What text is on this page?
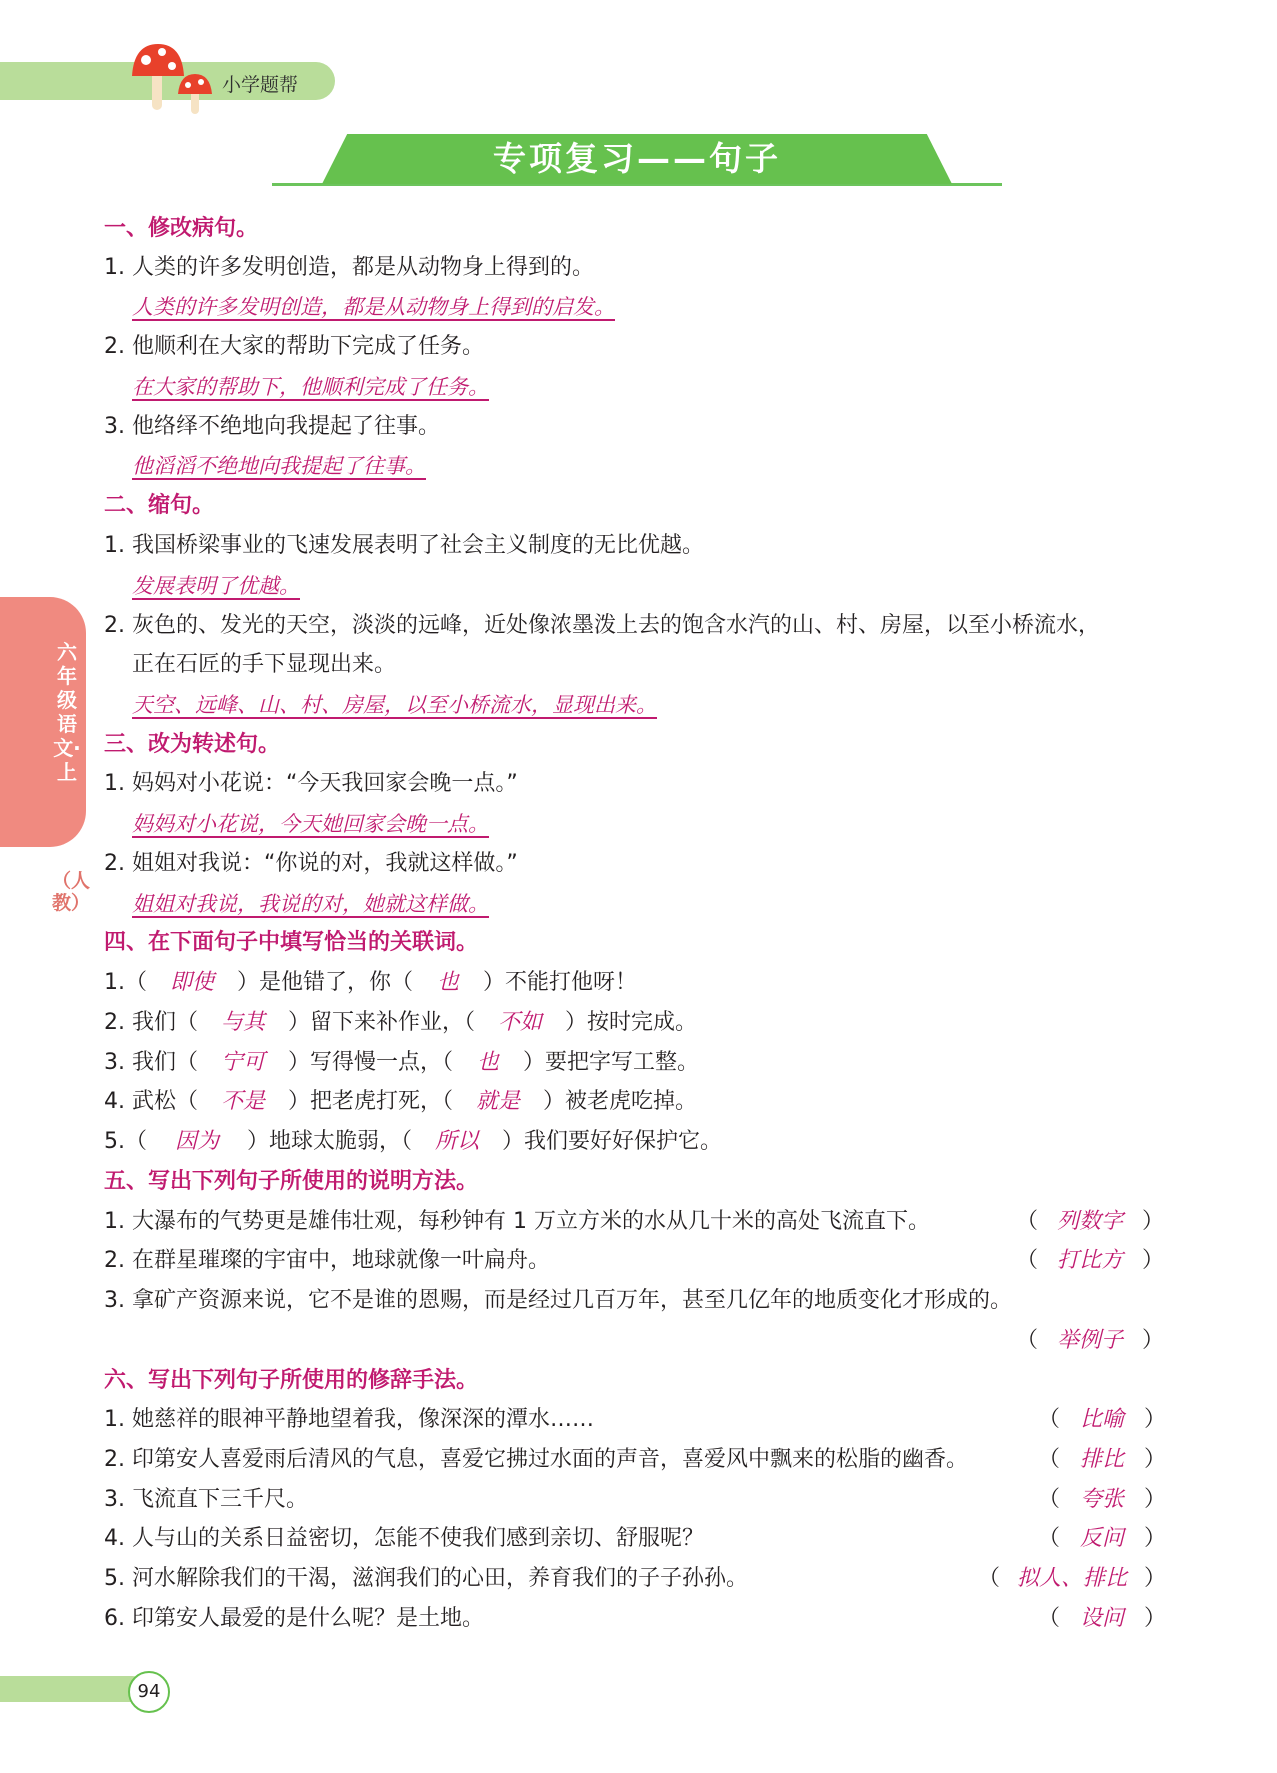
小学题帮
专项复习——句子
六年级语文·上
（人教）
一、修改病句。
1. 人类的许多发明创造，都是从动物身上得到的。
人类的许多发明创造，都是从动物身上得到的启发。
2. 他顺利在大家的帮助下完成了任务。
在大家的帮助下，他顺利完成了任务。
3. 他络绎不绝地向我提起了往事。
他滔滔不绝地向我提起了往事。
二、缩句。
1. 我国桥梁事业的飞速发展表明了社会主义制度的无比优越。
发展表明了优越。
2. 灰色的、发光的天空，淡淡的远峰，近处像浓墨泼上去的饱含水汽的山、村、房屋，以至小桥流水，
正在石匠的手下显现出来。
天空、远峰、山、村、房屋，以至小桥流水，显现出来。
三、改为转述句。
1. 妈妈对小花说：“今天我回家会晚一点。”
妈妈对小花说，今天她回家会晚一点。
2. 姐姐对我说：“你说的对，我就这样做。”
姐姐对我说，我说的对，她就这样做。
四、在下面句子中填写恰当的关联词。
1.（ 即使 ）是他错了，你（ 也 ）不能打他呀！
2. 我们（ 与其 ）留下来补作业，（ 不如 ）按时完成。
3. 我们（ 宁可 ）写得慢一点，（ 也 ）要把字写工整。
4. 武松（ 不是 ）把老虎打死，（ 就是 ）被老虎吃掉。
5.（ 因为 ）地球太脆弱，（ 所以 ）我们要好好保护它。
五、写出下列句子所使用的说明方法。
1. 大瀑布的气势更是雄伟壮观，每秒钟有 1 万立方米的水从几十米的高处飞流直下。	（ 列数字 ）
2. 在群星璀璨的宇宙中，地球就像一叶扁舟。	（ 打比方 ）
3. 拿矿产资源来说，它不是谁的恩赐，而是经过几百万年，甚至几亿年的地质变化才形成的。
（ 举例子 ）
六、写出下列句子所使用的修辞手法。
1. 她慈祥的眼神平静地望着我，像深深的潭水……	（ 比喻 ）
2. 印第安人喜爱雨后清风的气息，喜爱它拂过水面的声音，喜爱风中飘来的松脂的幽香。	（ 排比 ）
3. 飞流直下三千尺。	（ 夸张 ）
4. 人与山的关系日益密切，怎能不使我们感到亲切、舒服呢？	（ 反问 ）
5. 河水解除我们的干渴，滋润我们的心田，养育我们的子子孙孙。	（ 拟人、排比 ）
6. 印第安人最爱的是什么呢？是土地。	（ 设问 ）
94
